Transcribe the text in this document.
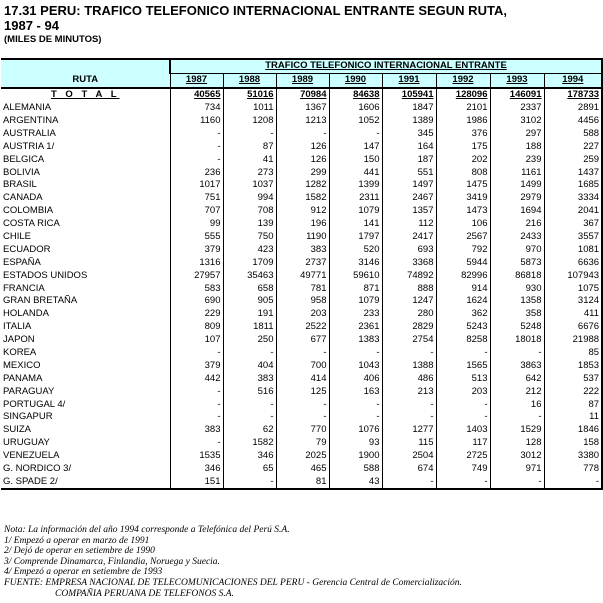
17.31 PERU: TRAFICO TELEFONICO INTERNACIONAL ENTRANTE SEGUN RUTA,
1987 - 94
(MILES DE MINUTOS)
	TRAFICO TELEFONICO INTERNACIONAL ENTRANTE							
RUTA	1987	1988	1989	1990	1991	1992	1993	1994
T O T A L	40565	51016	70984	84638	105941	128096	146091	178733
ALEMANIA	734	1011	1367	1606	1847	2101	2337	2891
ARGENTINA	1160	1208	1213	1052	1389	1986	3102	4456
AUSTRALIA	-	-	-	-	345	376	297	588
AUSTRIA 1/	-	87	126	147	164	175	188	227
BELGICA	-	41	126	150	187	202	239	259
BOLIVIA	236	273	299	441	551	808	1161	1437
BRASIL	1017	1037	1282	1399	1497	1475	1499	1685
CANADA	751	994	1582	2311	2467	3419	2979	3334
COLOMBIA	707	708	912	1079	1357	1473	1694	2041
COSTA RICA	99	139	196	141	112	106	216	367
CHILE	555	750	1190	1797	2417	2567	2433	3557
ECUADOR	379	423	383	520	693	792	970	1081
ESPAÑA	1316	1709	2737	3146	3368	5944	5873	6636
ESTADOS UNIDOS	27957	35463	49771	59610	74892	82996	86818	107943
FRANCIA	583	658	781	871	888	914	930	1075
GRAN BRETAÑA	690	905	958	1079	1247	1624	1358	3124
HOLANDA	229	191	203	233	280	362	358	411
ITALIA	809	1811	2522	2361	2829	5243	5248	6676
JAPON	107	250	677	1383	2754	8258	18018	21988
KOREA	-	-	-	-	-	-	-	85
MEXICO	379	404	700	1043	1388	1565	3863	1853
PANAMA	442	383	414	406	486	513	642	537
PARAGUAY	-	516	125	163	213	203	212	222
PORTUGAL 4/	-	-	-	-	-	-	16	87
SINGAPUR	-	-	-	-	-	-	-	11
SUIZA	383	62	770	1076	1277	1403	1529	1846
URUGUAY	-	1582	79	93	115	117	128	158
VENEZUELA	1535	346	2025	1900	2504	2725	3012	3380
G. NORDICO 3/	346	65	465	588	674	749	971	778
G. SPADE 2/	151	-	81	43	-	-	-	-
Nota: La información del año 1994 corresponde a Telefónica del Perú S.A.
1/ Empezó a operar en marzo de 1991
2/ Dejó de operar en setiembre de 1990
3/ Comprende Dinamarca, Finlandia, Noruega y Suecia.
4/ Empezó a operar en setiembre de 1993
FUENTE: EMPRESA NACIONAL DE TELECOMUNICACIONES DEL PERU - Gerencia Central de Comercialización.
COMPAÑIA PERUANA DE TELEFONOS S.A.
